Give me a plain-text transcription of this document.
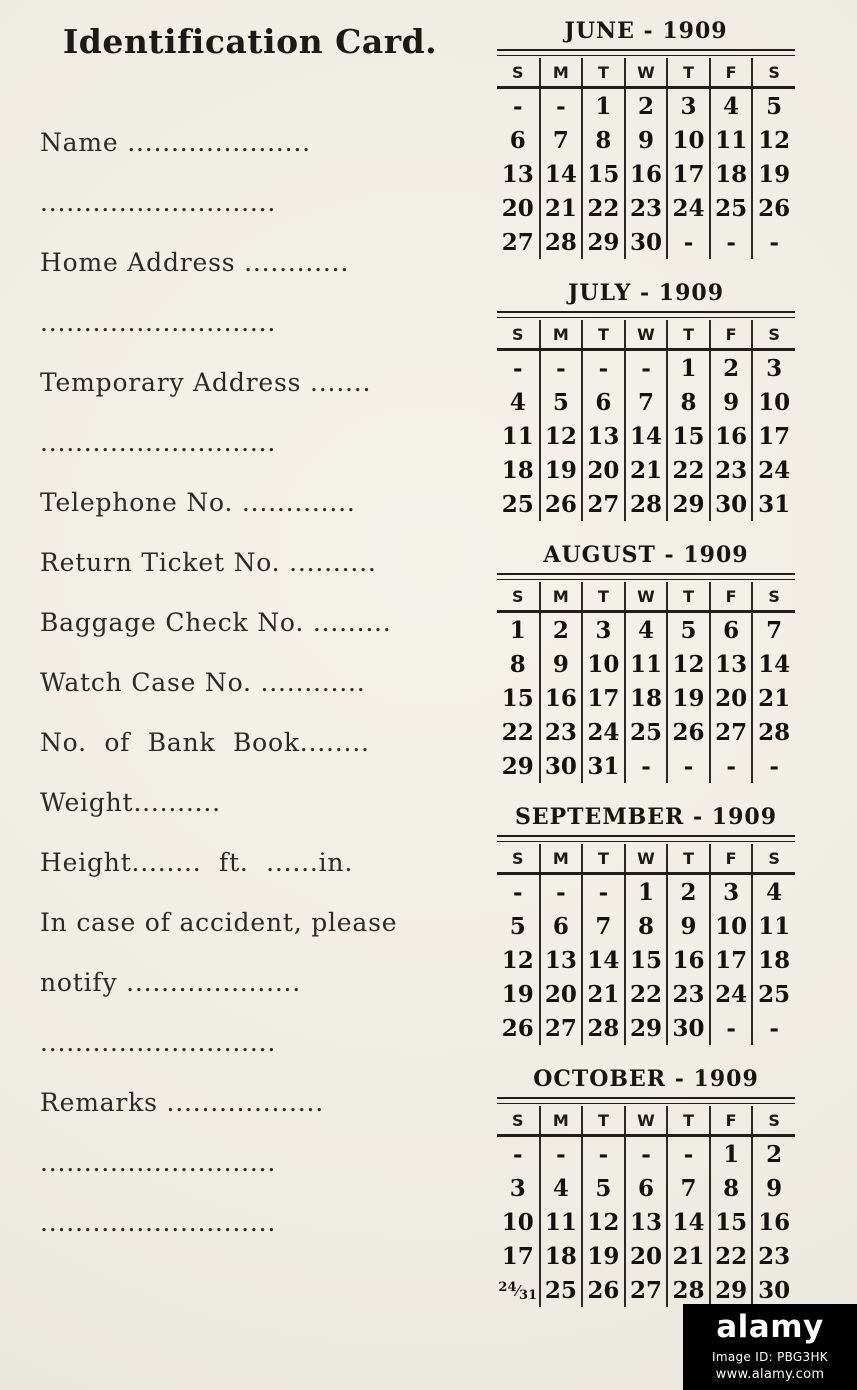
Identification Card.
Name .....................
...........................
Home Address ............
...........................
Temporary Address .......
...........................
Telephone No. .............
Return Ticket No. ..........
Baggage Check No. .........
Watch Case No. ............
No.  of  Bank  Book........
Weight..........
Height........  ft.  ......in.
In case of accident, please
notify ....................
...........................
Remarks ..................
...........................
...........................
JUNE - 1909
S	M	T	W	T	F	S
-	-	1	2	3	4	5
6	7	8	9	10	11	12
13	14	15	16	17	18	19
20	21	22	23	24	25	26
27	28	29	30	-	-	-
JULY - 1909
S	M	T	W	T	F	S
-	-	-	-	1	2	3
4	5	6	7	8	9	10
11	12	13	14	15	16	17
18	19	20	21	22	23	24
25	26	27	28	29	30	31
AUGUST - 1909
S	M	T	W	T	F	S
1	2	3	4	5	6	7
8	9	10	11	12	13	14
15	16	17	18	19	20	21
22	23	24	25	26	27	28
29	30	31	-	-	-	-
SEPTEMBER - 1909
S	M	T	W	T	F	S
-	-	-	1	2	3	4
5	6	7	8	9	10	11
12	13	14	15	16	17	18
19	20	21	22	23	24	25
26	27	28	29	30	-	-
OCTOBER - 1909
S	M	T	W	T	F	S
-	-	-	-	-	1	2
3	4	5	6	7	8	9
10	11	12	13	14	15	16
17	18	19	20	21	22	23
24⁄31	25	26	27	28	29	30
alamy
Image ID: PBG3HK
www.alamy.com
